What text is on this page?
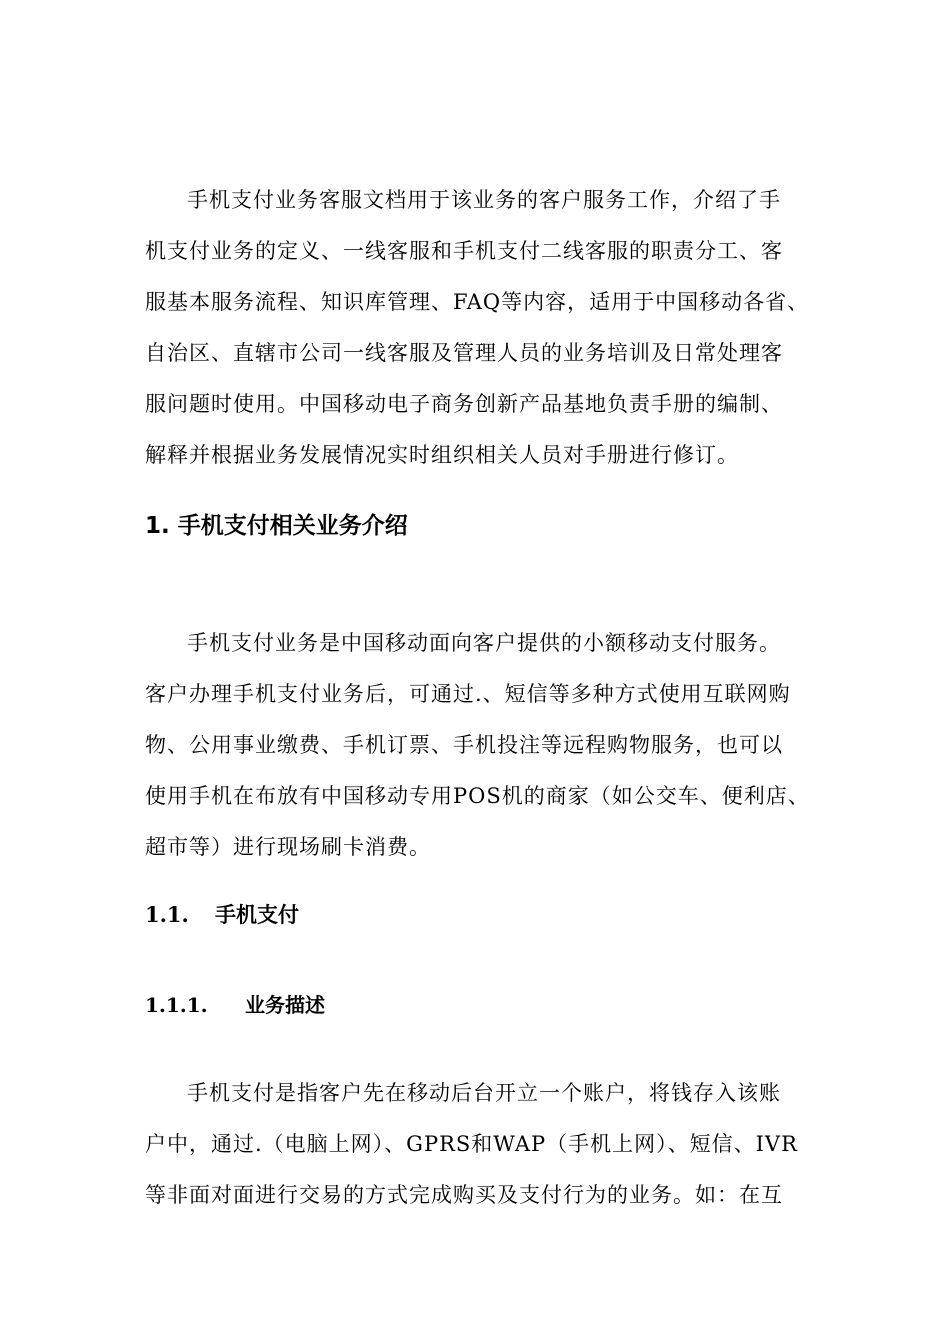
手机支付业务客服文档用于该业务的客户服务工作，介绍了手
机支付业务的定义、一线客服和手机支付二线客服的职责分工、客
服基本服务流程、知识库管理、FAQ等内容，适用于中国移动各省、
自治区、直辖市公司一线客服及管理人员的业务培训及日常处理客
服问题时使用。中国移动电子商务创新产品基地负责手册的编制、
解释并根据业务发展情况实时组织相关人员对手册进行修订。
1. 手机支付相关业务介绍
手机支付业务是中国移动面向客户提供的小额移动支付服务。
客户办理手机支付业务后，可通过.、短信等多种方式使用互联网购
物、公用事业缴费、手机订票、手机投注等远程购物服务，也可以
使用手机在布放有中国移动专用POS机的商家（如公交车、便利店、
超市等）进行现场刷卡消费。
1.1. 手机支付
1.1.1. 业务描述
手机支付是指客户先在移动后台开立一个账户，将钱存入该账
户中，通过.（电脑上网）、GPRS和WAP（手机上网）、短信、IVR
等非面对面进行交易的方式完成购买及支付行为的业务。如：在互
